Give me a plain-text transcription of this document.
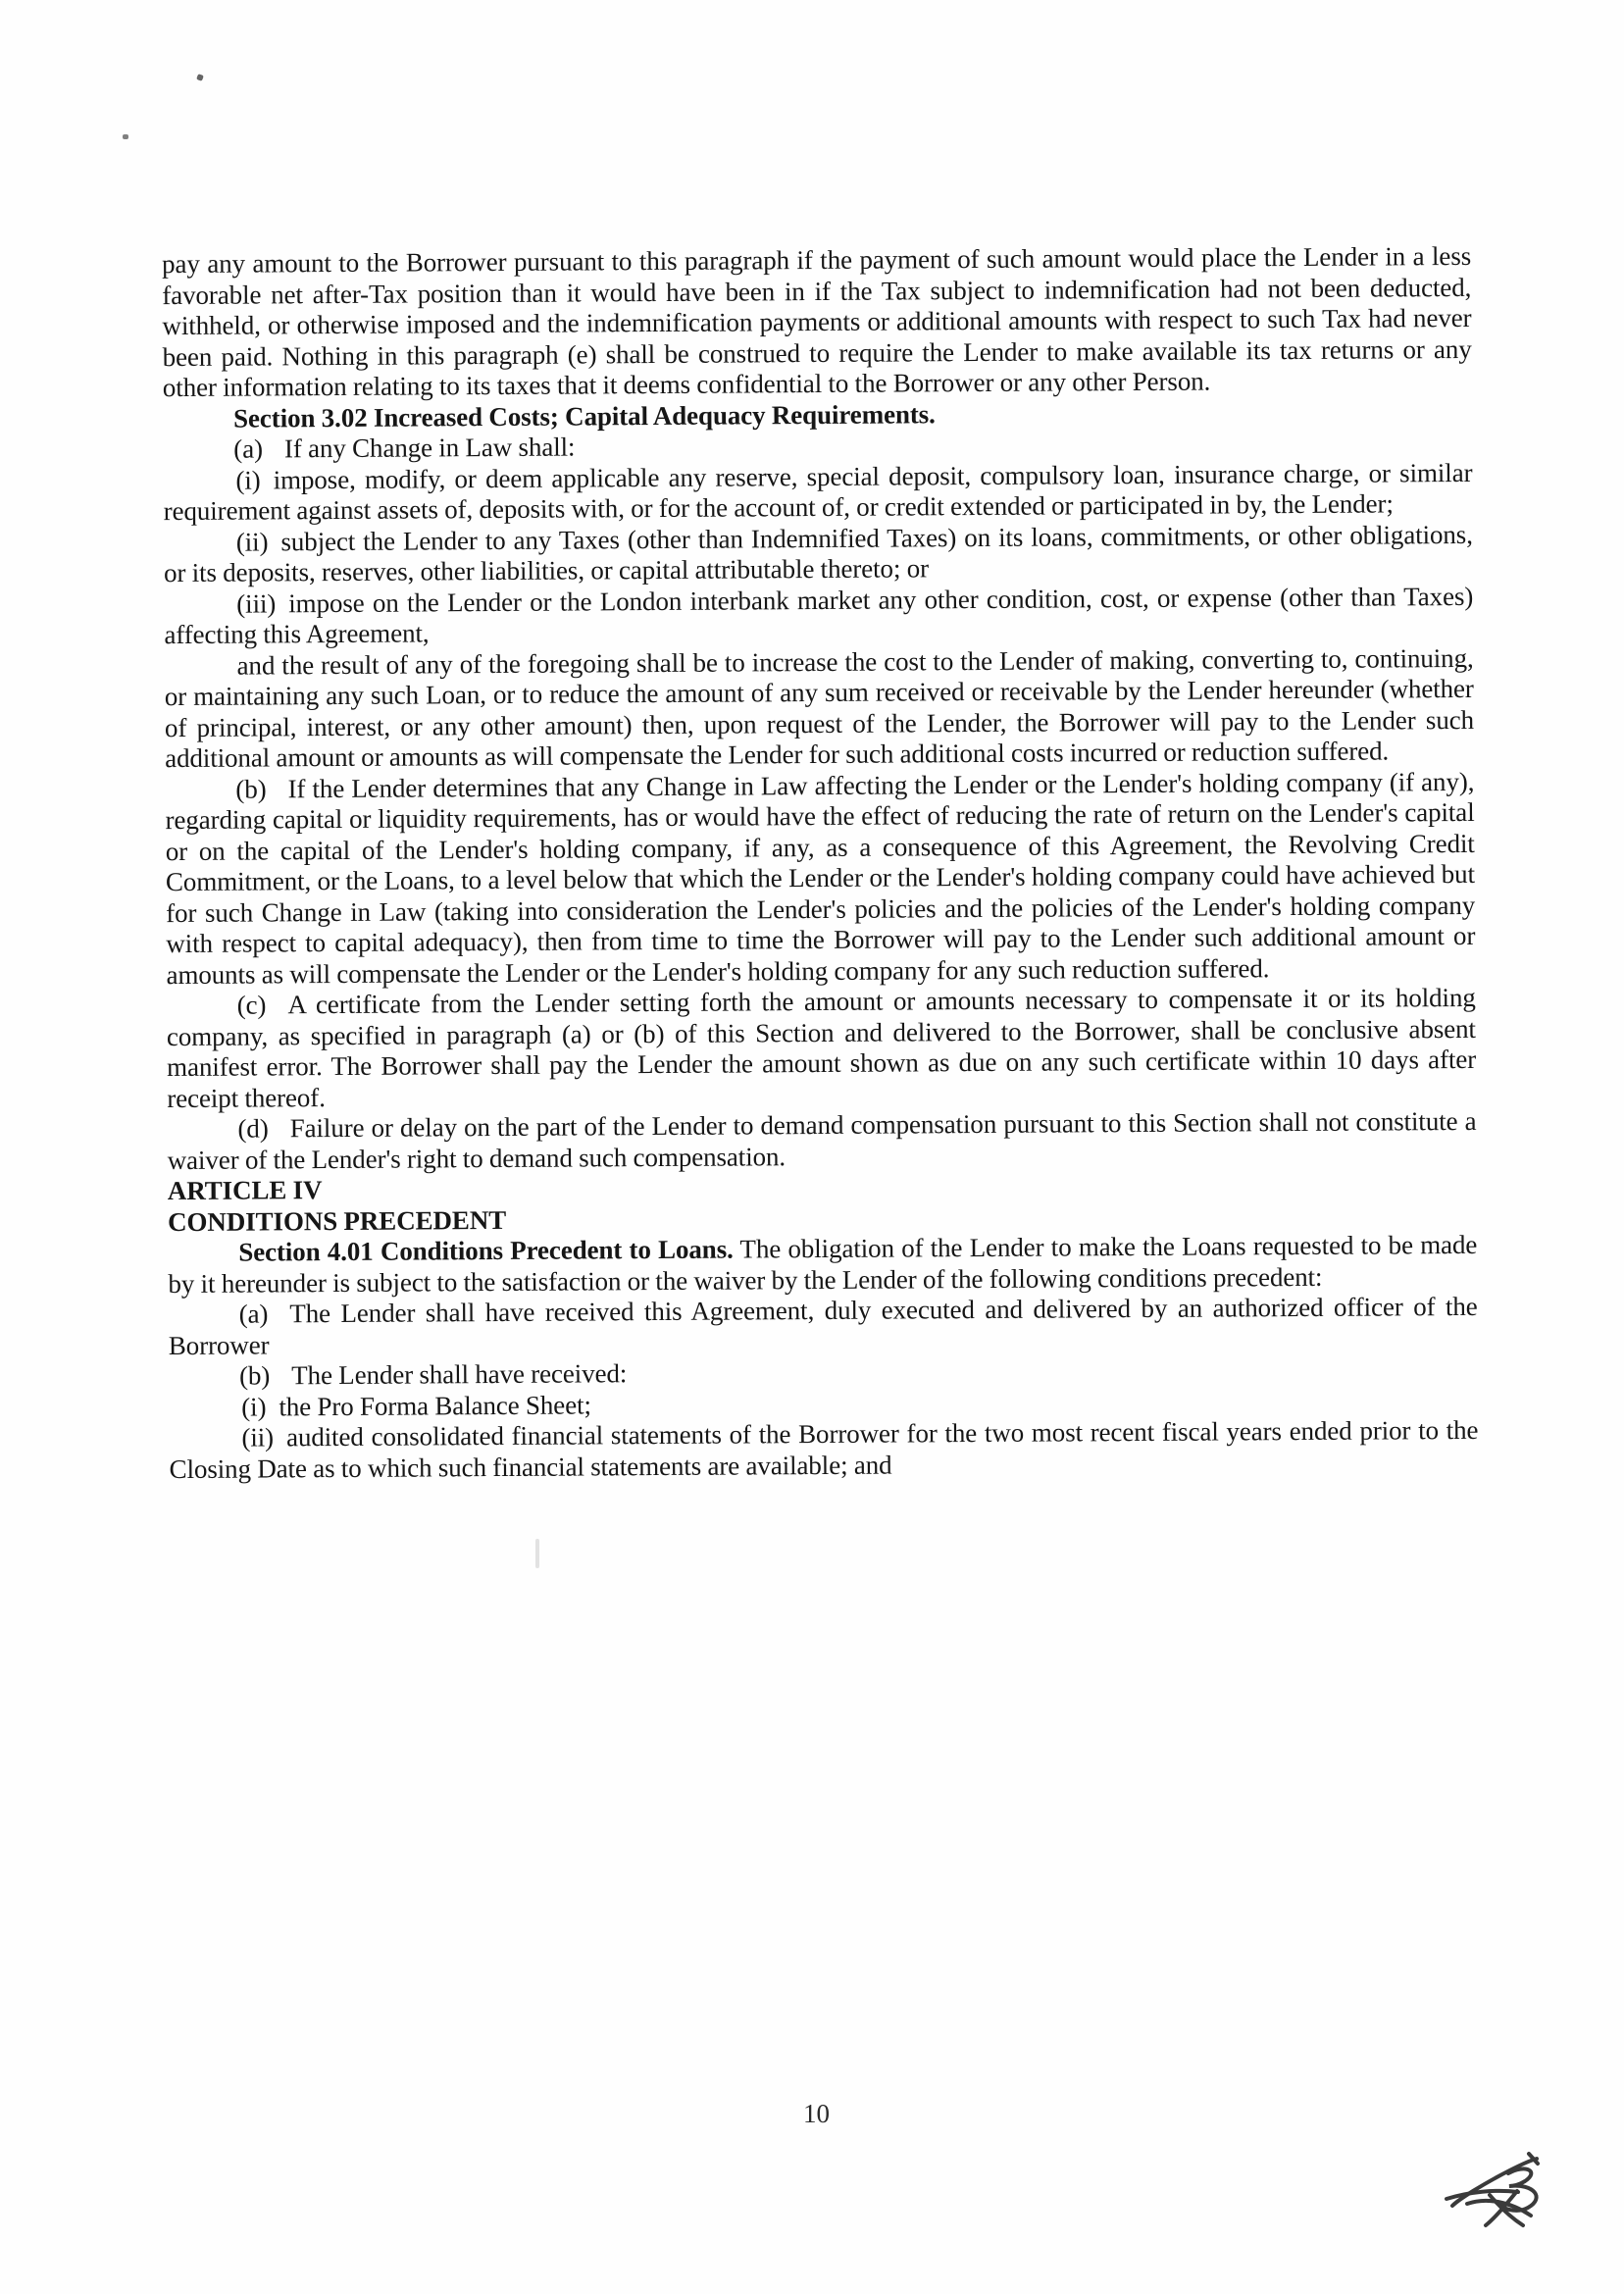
pay any amount to the Borrower pursuant to this paragraph if the payment of such amount would place the Lender in a less favorable net after-Tax position than it would have been in if the Tax subject to indemnification had not been deducted, withheld, or otherwise imposed and the indemnification payments or additional amounts with respect to such Tax had never been paid. Nothing in this paragraph (e) shall be construed to require the Lender to make available its tax returns or any other information relating to its taxes that it deems confidential to the Borrower or any other Person.

Section 3.02 Increased Costs; Capital Adequacy Requirements.

(a) If any Change in Law shall:

(i) impose, modify, or deem applicable any reserve, special deposit, compulsory loan, insurance charge, or similar requirement against assets of, deposits with, or for the account of, or credit extended or participated in by, the Lender;

(ii) subject the Lender to any Taxes (other than Indemnified Taxes) on its loans, commitments, or other obligations, or its deposits, reserves, other liabilities, or capital attributable thereto; or

(iii) impose on the Lender or the London interbank market any other condition, cost, or expense (other than Taxes) affecting this Agreement,

and the result of any of the foregoing shall be to increase the cost to the Lender of making, converting to, continuing, or maintaining any such Loan, or to reduce the amount of any sum received or receivable by the Lender hereunder (whether of principal, interest, or any other amount) then, upon request of the Lender, the Borrower will pay to the Lender such additional amount or amounts as will compensate the Lender for such additional costs incurred or reduction suffered.

(b) If the Lender determines that any Change in Law affecting the Lender or the Lender's holding company (if any), regarding capital or liquidity requirements, has or would have the effect of reducing the rate of return on the Lender's capital or on the capital of the Lender's holding company, if any, as a consequence of this Agreement, the Revolving Credit Commitment, or the Loans, to a level below that which the Lender or the Lender's holding company could have achieved but for such Change in Law (taking into consideration the Lender's policies and the policies of the Lender's holding company with respect to capital adequacy), then from time to time the Borrower will pay to the Lender such additional amount or amounts as will compensate the Lender or the Lender's holding company for any such reduction suffered.

(c) A certificate from the Lender setting forth the amount or amounts necessary to compensate it or its holding company, as specified in paragraph (a) or (b) of this Section and delivered to the Borrower, shall be conclusive absent manifest error. The Borrower shall pay the Lender the amount shown as due on any such certificate within 10 days after receipt thereof.

(d) Failure or delay on the part of the Lender to demand compensation pursuant to this Section shall not constitute a waiver of the Lender's right to demand such compensation.

ARTICLE IV

CONDITIONS PRECEDENT

Section 4.01 Conditions Precedent to Loans. The obligation of the Lender to make the Loans requested to be made by it hereunder is subject to the satisfaction or the waiver by the Lender of the following conditions precedent:

(a) The Lender shall have received this Agreement, duly executed and delivered by an authorized officer of the Borrower

(b) The Lender shall have received:

(i) the Pro Forma Balance Sheet;

(ii) audited consolidated financial statements of the Borrower for the two most recent fiscal years ended prior to the Closing Date as to which such financial statements are available; and

10
